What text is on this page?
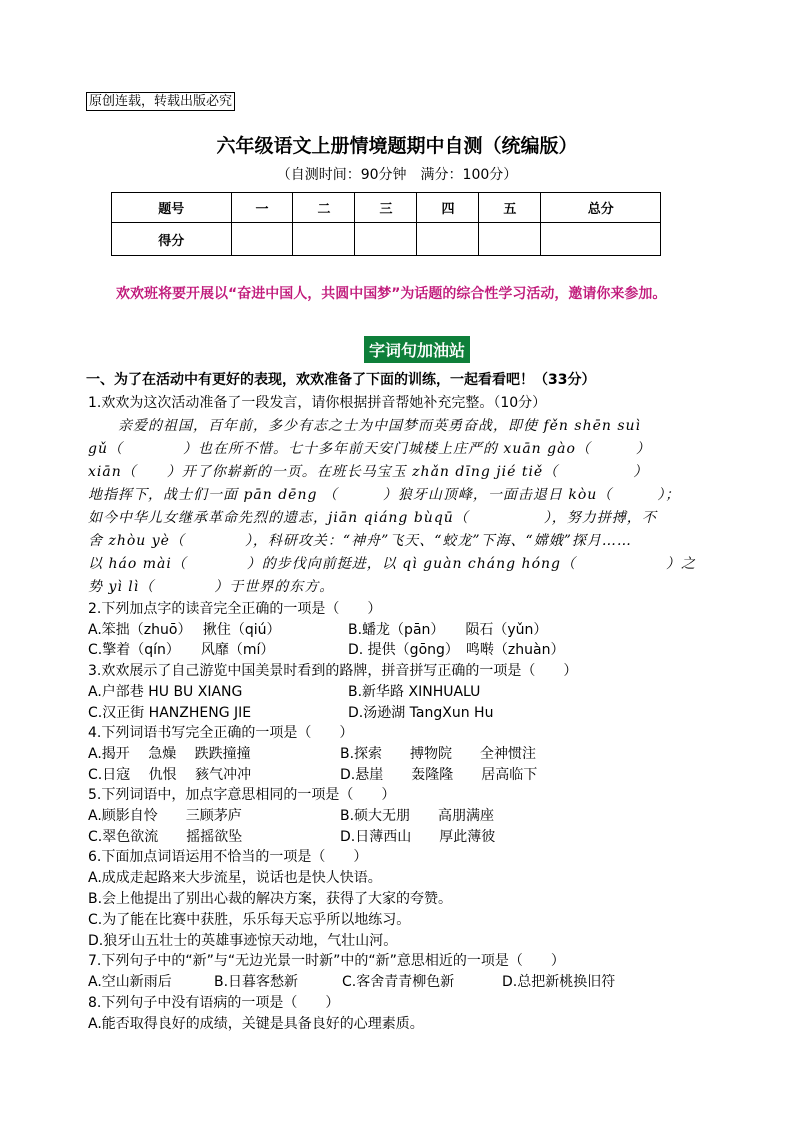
原创连载，转载出版必究
六年级语文上册情境题期中自测（统编版）
（自测时间：90分钟　满分：100分）
题号	一	二	三	四	五	总分
得分						
欢欢班将要开展以“奋进中国人，共圆中国梦”为话题的综合性学习活动，邀请你来参加。
字词句加油站
一、为了在活动中有更好的表现，欢欢准备了下面的训练，一起看看吧！（33分）
1.欢欢为这次活动准备了一段发言，请你根据拼音帮她补充完整。（10分）
　　亲爱的祖国，百年前，多少有志之士为中国梦而英勇奋战，即使 fěn shēn suì
gǔ（　　　　）也在所不惜。七十多年前天安门城楼上庄严的 xuān gào（　　　）
xiān（　　）开了你崭新的一页。在班长马宝玉 zhǎn dīng jié tiě（　　　　　）
地指挥下，战士们一面 pān dēng （　　　）狼牙山顶峰，一面击退日 kòu（　　　）；
如今中华儿女继承革命先烈的遗志，jiān qiáng bùqū（　　　　　），努力拼搏，不
舍 zhòu yè（　　　　），科研攻关：“神舟”飞天、“蛟龙”下海、“嫦娥”探月……
以 háo mài（　　　　）的步伐向前挺进，以 qì guàn cháng hóng（　　　　　　）之
势 yì lì（　　　　）于世界的东方。
2.下列加点字的读音完全正确的一项是（　　）
A.笨拙（zhuō）　 揪住（qiú）	B.蟠龙（pān）　　陨石（yǔn）
C.擎着（qín）　　风靡（mí）	D. 提供（gōng）　鸣啭（zhuàn）
3.欢欢展示了自己游览中国美景时看到的路牌，拼音拼写正确的一项是（　　）
A.户部巷 HU BU XIANG	B.新华路 XINHUALU
C.汉正街 HANZHENG JIE	D.汤逊湖 TangXun Hu
4.下列词语书写完全正确的一项是（　　）
A.揭开　 急燥　 跌跌撞撞	B.探索　　搏物院　　全神惯注
C.日寇　 仇恨　 豥气冲冲	D.悬崖　　轰隆隆　　居高临下
5.下列词语中，加点字意思相同的一项是（　　）
A.顾影自怜　　三顾茅庐	B.硕大无朋　　高朋满座
C.翠色欲流　　摇摇欲坠	D.日薄西山　　厚此薄彼
6.下面加点词语运用不恰当的一项是（　　）
A.成成走起路来大步流星，说话也是快人快语。
B.会上他提出了别出心裁的解决方案，获得了大家的夸赞。
C.为了能在比赛中获胜，乐乐每天忘乎所以地练习。
D.狼牙山五壮士的英雄事迹惊天动地，气壮山河。
7.下列句子中的“新”与“无边光景一时新”中的“新”意思相近的一项是（　　）
A.空山新雨后	B.日暮客愁新	C.客舍青青柳色新	D.总把新桃换旧符
8.下列句子中没有语病的一项是（　　）
A.能否取得良好的成绩，关键是具备良好的心理素质。
